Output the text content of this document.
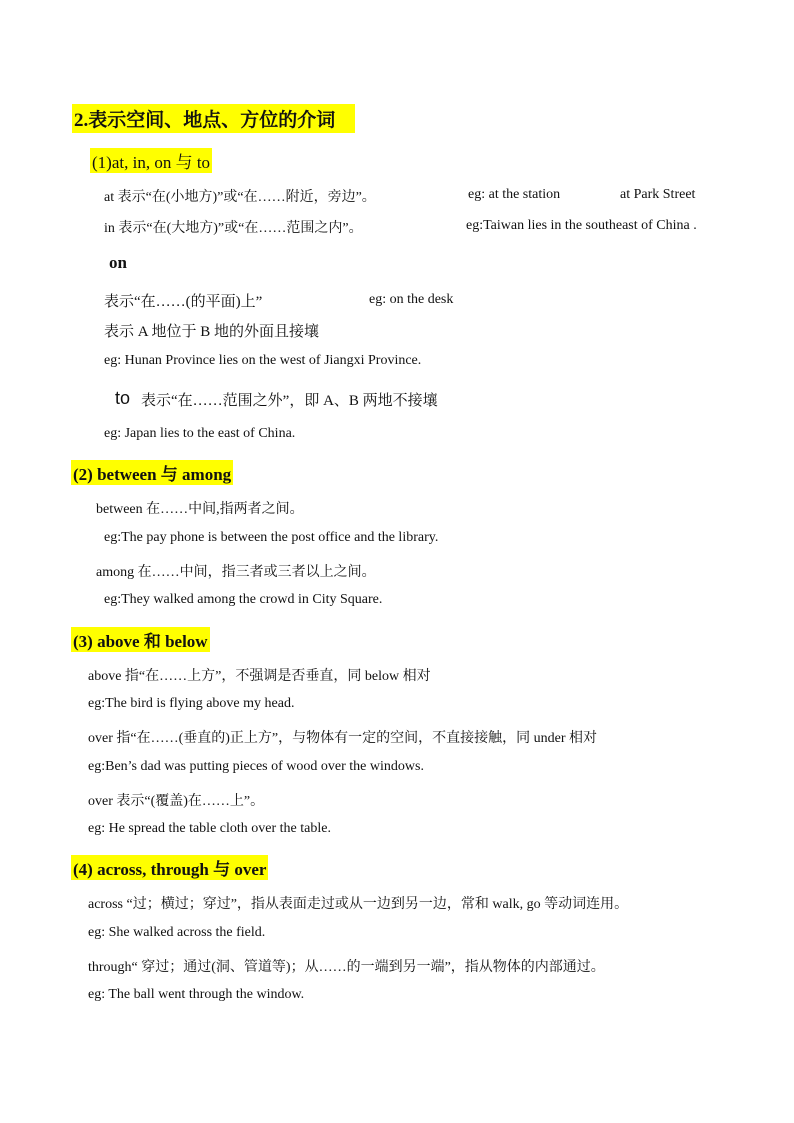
2.表示空间、地点、方位的介词
(1)at, in, on 与 to
at 表示“在(小地方)”或“在……附近，旁边”。	eg: at the station	at Park Street
in 表示“在(大地方)”或“在……范围之内”。	eg:Taiwan lies in the southeast of China .
on
表示“在……(的平面)上”	eg: on the desk
表示 A 地位于 B 地的外面且接壤
eg: Hunan Province lies on the west of Jiangxi Province.
to 表示“在……范围之外”，即 A、B 两地不接壤
eg: Japan lies to the east of China.
(2) between 与 among
between 在……中间,指两者之间。
eg:The pay phone is between the post office and the library.
among 在……中间，指三者或三者以上之间。
eg:They walked among the crowd in City Square.
(3) above 和 below
above 指“在……上方”，不强调是否垂直，同 below 相对
eg:The bird is flying above my head.
over 指“在……(垂直的)正上方”，与物体有一定的空间，不直接接触，同 under 相对
eg:Ben’s dad was putting pieces of wood over the windows.
over 表示“(覆盖)在……上”。
eg: He spread the table cloth over the table.
(4) across, through 与 over
across “过；横过；穿过”，指从表面走过或从一边到另一边，常和 walk, go 等动词连用。
eg: She walked across the field.
through“ 穿过；通过(洞、管道等)；从……的一端到另一端”，指从物体的内部通过。
eg: The ball went through the window.
